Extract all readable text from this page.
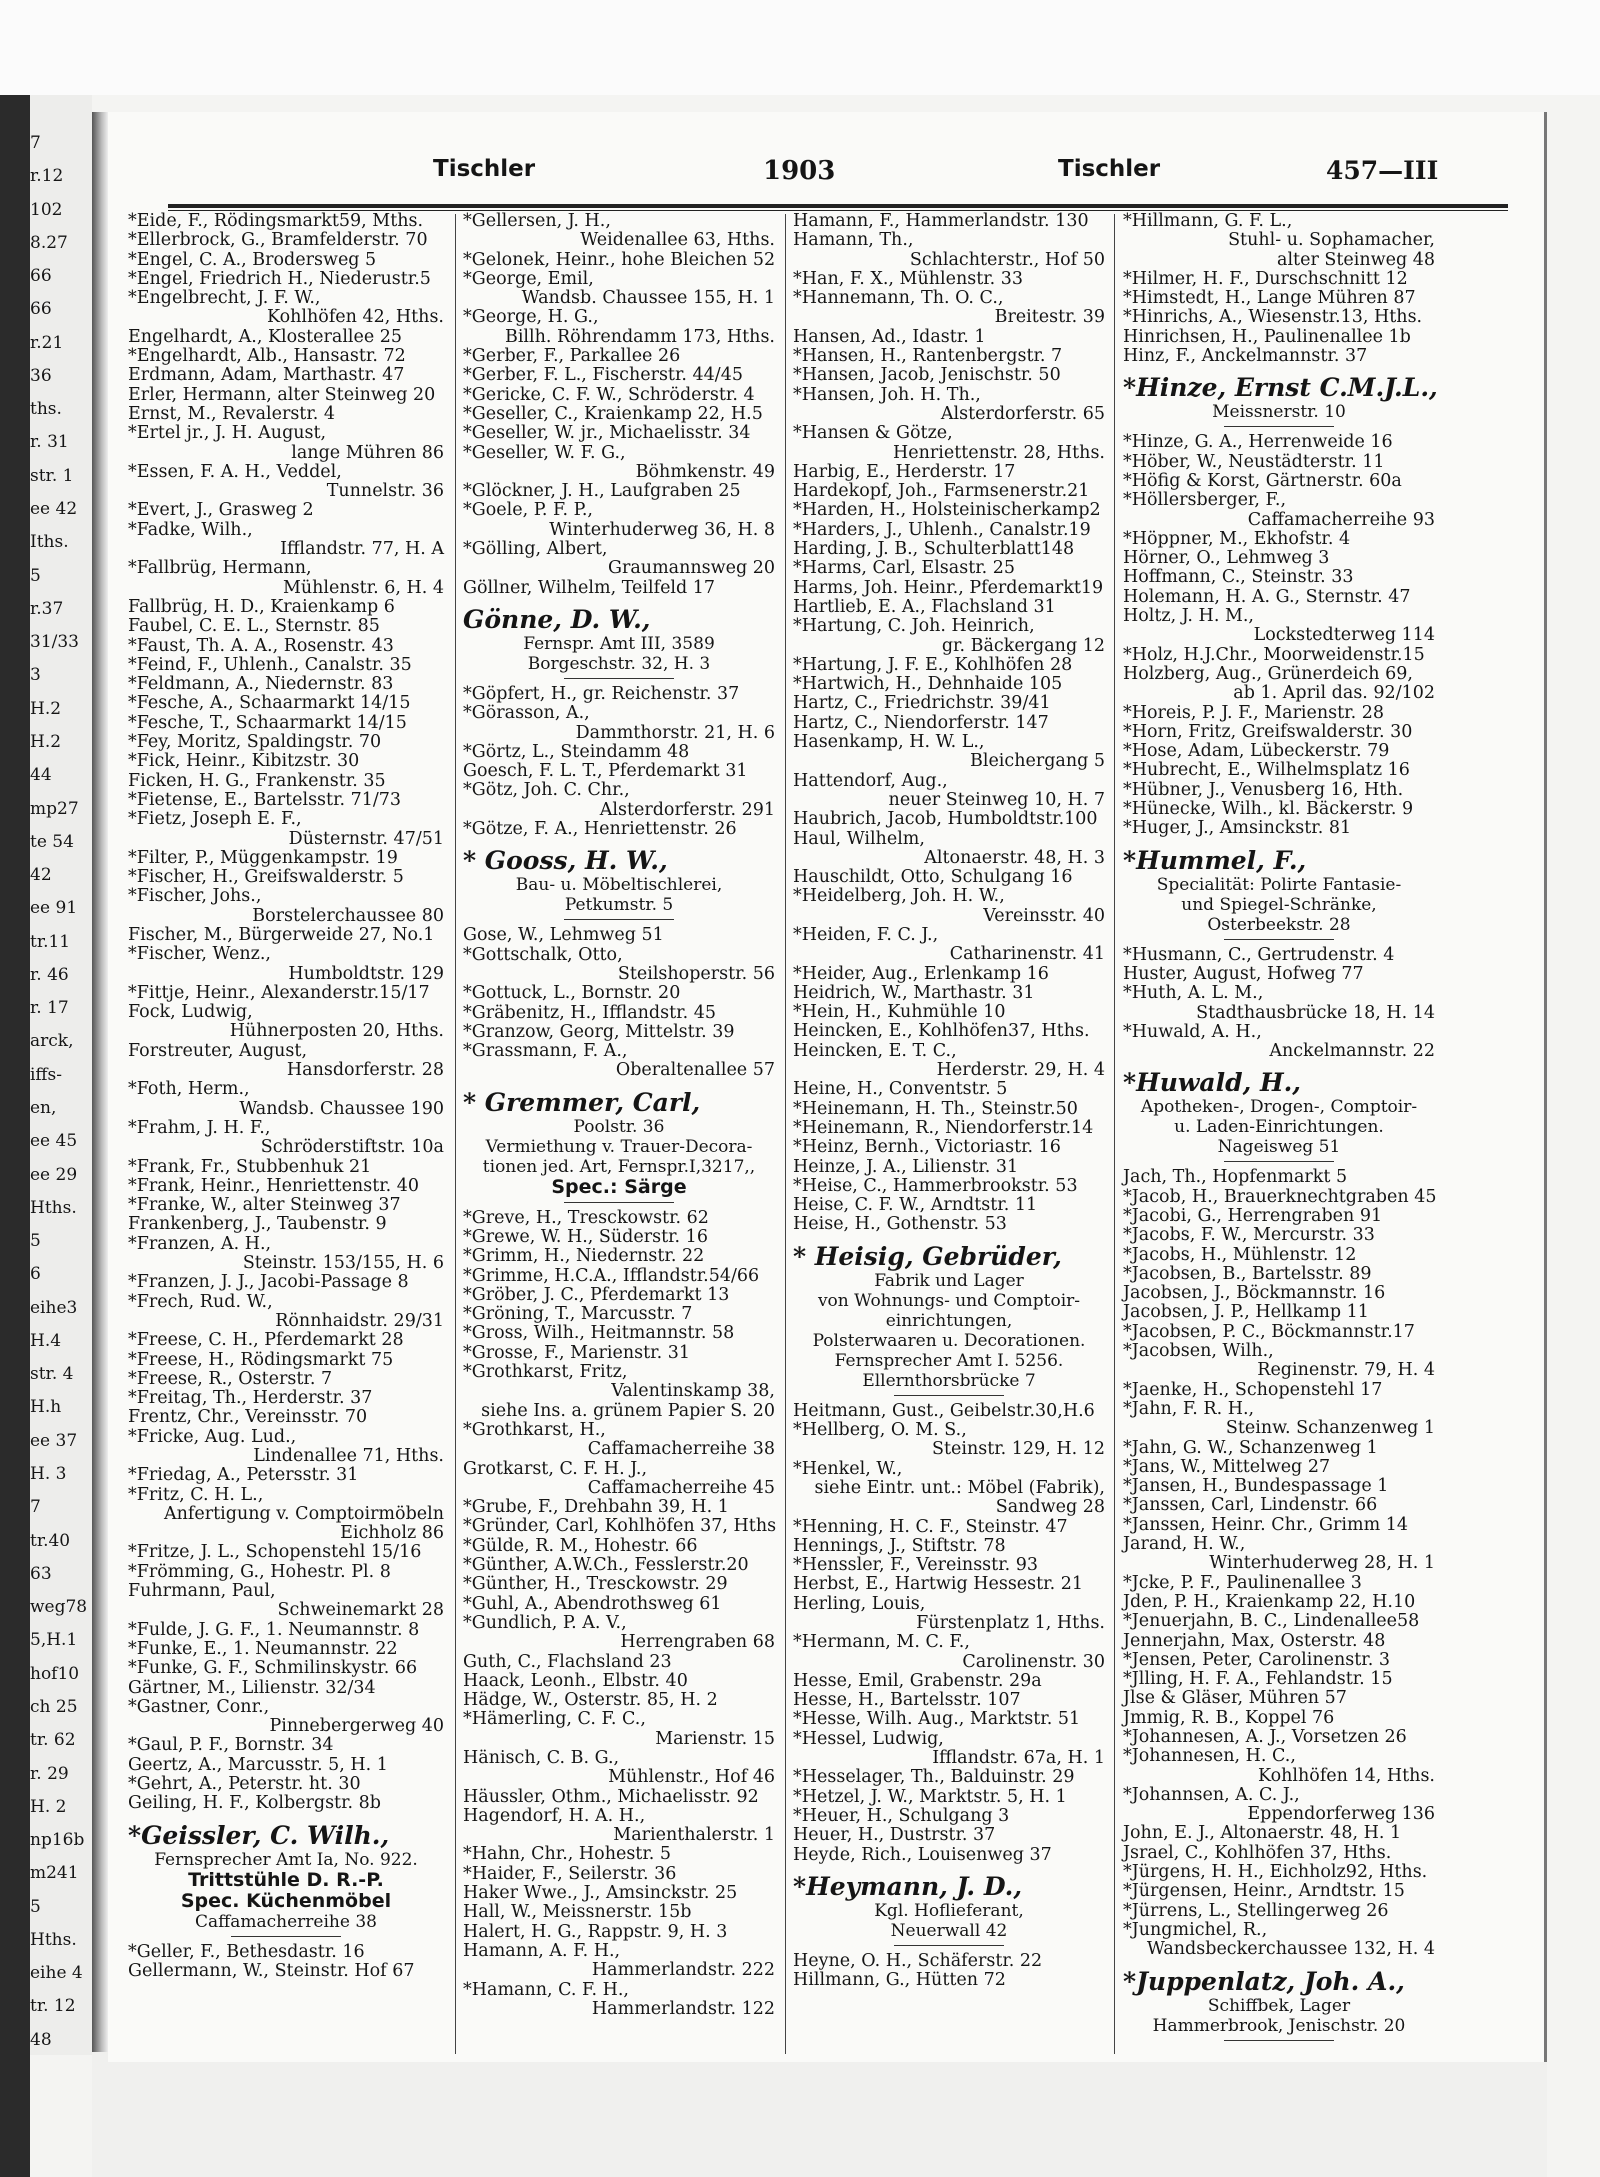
7
r.12
102
8.27
66
66
r.21
36
ths.
r. 31
str. 1
ee 42
Iths.
5
r.37
31/33
3
H.2
H.2
44
mp27
te 54
42
ee 91
tr.11
r. 46
r. 17
arck,
iffs-
en,
ee 45
ee 29
Hths.
5
6
eihe3
H.4
str. 4
H.h
ee 37
H. 3
7
tr.40
63
weg78
5,H.1
hof10
ch 25
tr. 62
r. 29
H. 2
np16b
m241
5
Hths.
eihe 4
tr. 12
48
Tischler	1903	Tischler	457—III
*Eide, F., Rödingsmarkt59, Mths.
*Ellerbrock, G., Bramfelderstr. 70
*Engel, C. A., Brodersweg 5
*Engel, Friedrich H., Niederustr.5
*Engelbrecht, J. F. W.,
Kohlhöfen 42, Hths.
Engelhardt, A., Klosterallee 25
*Engelhardt, Alb., Hansastr. 72
Erdmann, Adam, Marthastr. 47
Erler, Hermann, alter Steinweg 20
Ernst, M., Revalerstr. 4
*Ertel jr., J. H. August,
lange Mühren 86
*Essen, F. A. H., Veddel,
Tunnelstr. 36
*Evert, J., Grasweg 2
*Fadke, Wilh.,
Ifflandstr. 77, H. A
*Fallbrüg, Hermann,
Mühlenstr. 6, H. 4
Fallbrüg, H. D., Kraienkamp 6
Faubel, C. E. L., Sternstr. 85
*Faust, Th. A. A., Rosenstr. 43
*Feind, F., Uhlenh., Canalstr. 35
*Feldmann, A., Niedernstr. 83
*Fesche, A., Schaarmarkt 14/15
*Fesche, T., Schaarmarkt 14/15
*Fey, Moritz, Spaldingstr. 70
*Fick, Heinr., Kibitzstr. 30
Ficken, H. G., Frankenstr. 35
*Fietense, E., Bartelsstr. 71/73
*Fietz, Joseph E. F.,
Düsternstr. 47/51
*Filter, P., Müggenkampstr. 19
*Fischer, H., Greifswalderstr. 5
*Fischer, Johs.,
Borstelerchaussee 80
Fischer, M., Bürgerweide 27, No.1
*Fischer, Wenz.,
Humboldtstr. 129
*Fittje, Heinr., Alexanderstr.15/17
Fock, Ludwig,
Hühnerposten 20, Hths.
Forstreuter, August,
Hansdorferstr. 28
*Foth, Herm.,
Wandsb. Chaussee 190
*Frahm, J. H. F.,
Schröderstiftstr. 10a
*Frank, Fr., Stubbenhuk 21
*Frank, Heinr., Henriettenstr. 40
*Franke, W., alter Steinweg 37
Frankenberg, J., Taubenstr. 9
*Franzen, A. H.,
Steinstr. 153/155, H. 6
*Franzen, J. J., Jacobi-Passage 8
*Frech, Rud. W.,
Rönnhaidstr. 29/31
*Freese, C. H., Pferdemarkt 28
*Freese, H., Rödingsmarkt 75
*Freese, R., Osterstr. 7
*Freitag, Th., Herderstr. 37
Frentz, Chr., Vereinsstr. 70
*Fricke, Aug. Lud.,
Lindenallee 71, Hths.
*Friedag, A., Petersstr. 31
*Fritz, C. H. L.,
Anfertigung v. Comptoirmöbeln
Eichholz 86
*Fritze, J. L., Schopenstehl 15/16
*Frömming, G., Hohestr. Pl. 8
Fuhrmann, Paul,
Schweinemarkt 28
*Fulde, J. G. F., 1. Neumannstr. 8
*Funke, E., 1. Neumannstr. 22
*Funke, G. F., Schmilinskystr. 66
Gärtner, M., Lilienstr. 32/34
*Gastner, Conr.,
Pinnebergerweg 40
*Gaul, P. F., Bornstr. 34
Geertz, A., Marcusstr. 5, H. 1
*Gehrt, A., Peterstr. ht. 30
Geiling, H. F., Kolbergstr. 8b
*Geissler, C. Wilh.,
Fernsprecher Amt Ia, No. 922.
Trittstühle D. R.-P.
Spec. Küchenmöbel
Caffamacherreihe 38
*Geller, F., Bethesdastr. 16
Gellermann, W., Steinstr. Hof 67
*Gellersen, J. H.,
Weidenallee 63, Hths.
*Gelonek, Heinr., hohe Bleichen 52
*George, Emil,
Wandsb. Chaussee 155, H. 1
*George, H. G.,
Billh. Röhrendamm 173, Hths.
*Gerber, F., Parkallee 26
*Gerber, F. L., Fischerstr. 44/45
*Gericke, C. F. W., Schröderstr. 4
*Geseller, C., Kraienkamp 22, H.5
*Geseller, W. jr., Michaelisstr. 34
*Geseller, W. F. G.,
Böhmkenstr. 49
*Glöckner, J. H., Laufgraben 25
*Goele, P. F. P.,
Winterhuderweg 36, H. 8
*Gölling, Albert,
Graumannsweg 20
Göllner, Wilhelm, Teilfeld 17
Gönne, D. W.,
Fernspr. Amt III, 3589
Borgeschstr. 32, H. 3
*Göpfert, H., gr. Reichenstr. 37
*Görasson, A.,
Dammthorstr. 21, H. 6
*Görtz, L., Steindamm 48
Goesch, F. L. T., Pferdemarkt 31
*Götz, Joh. C. Chr.,
Alsterdorferstr. 291
*Götze, F. A., Henriettenstr. 26
* Gooss, H. W.,
Bau- u. Möbeltischlerei,
Petkumstr. 5
Gose, W., Lehmweg 51
*Gottschalk, Otto,
Steilshoperstr. 56
*Gottuck, L., Bornstr. 20
*Gräbenitz, H., Ifflandstr. 45
*Granzow, Georg, Mittelstr. 39
*Grassmann, F. A.,
Oberaltenallee 57
* Gremmer, Carl,
Poolstr. 36
Vermiethung v. Trauer-Decora-
tionen jed. Art, Fernspr.I,3217,,
Spec.: Särge
*Greve, H., Tresckowstr. 62
*Grewe, W. H., Süderstr. 16
*Grimm, H., Niedernstr. 22
*Grimme, H.C.A., Ifflandstr.54/66
*Gröber, J. C., Pferdemarkt 13
*Gröning, T., Marcusstr. 7
*Gross, Wilh., Heitmannstr. 58
*Grosse, F., Marienstr. 31
*Grothkarst, Fritz,
Valentinskamp 38,
siehe Ins. a. grünem Papier S. 20
*Grothkarst, H.,
Caffamacherreihe 38
Grotkarst, C. F. H. J.,
Caffamacherreihe 45
*Grube, F., Drehbahn 39, H. 1
*Gründer, Carl, Kohlhöfen 37, Hths
*Gülde, R. M., Hohestr. 66
*Günther, A.W.Ch., Fesslerstr.20
*Günther, H., Tresckowstr. 29
*Guhl, A., Abendrothsweg 61
*Gundlich, P. A. V.,
Herrengraben 68
Guth, C., Flachsland 23
Haack, Leonh., Elbstr. 40
Hädge, W., Osterstr. 85, H. 2
*Hämerling, C. F. C.,
Marienstr. 15
Hänisch, C. B. G.,
Mühlenstr., Hof 46
Häussler, Othm., Michaelisstr. 92
Hagendorf, H. A. H.,
Marienthalerstr. 1
*Hahn, Chr., Hohestr. 5
*Haider, F., Seilerstr. 36
Haker Wwe., J., Amsinckstr. 25
Hall, W., Meissnerstr. 15b
Halert, H. G., Rappstr. 9, H. 3
Hamann, A. F. H.,
Hammerlandstr. 222
*Hamann, C. F. H.,
Hammerlandstr. 122
Hamann, F., Hammerlandstr. 130
Hamann, Th.,
Schlachterstr., Hof 50
*Han, F. X., Mühlenstr. 33
*Hannemann, Th. O. C.,
Breitestr. 39
Hansen, Ad., Idastr. 1
*Hansen, H., Rantenbergstr. 7
*Hansen, Jacob, Jenischstr. 50
*Hansen, Joh. H. Th.,
Alsterdorferstr. 65
*Hansen & Götze,
Henriettenstr. 28, Hths.
Harbig, E., Herderstr. 17
Hardekopf, Joh., Farmsenerstr.21
*Harden, H., Holsteinischerkamp2
*Harders, J., Uhlenh., Canalstr.19
Harding, J. B., Schulterblatt148
*Harms, Carl, Elsastr. 25
Harms, Joh. Heinr., Pferdemarkt19
Hartlieb, E. A., Flachsland 31
*Hartung, C. Joh. Heinrich,
gr. Bäckergang 12
*Hartung, J. F. E., Kohlhöfen 28
*Hartwich, H., Dehnhaide 105
Hartz, C., Friedrichstr. 39/41
Hartz, C., Niendorferstr. 147
Hasenkamp, H. W. L.,
Bleichergang 5
Hattendorf, Aug.,
neuer Steinweg 10, H. 7
Haubrich, Jacob, Humboldtstr.100
Haul, Wilhelm,
Altonaerstr. 48, H. 3
Hauschildt, Otto, Schulgang 16
*Heidelberg, Joh. H. W.,
Vereinsstr. 40
*Heiden, F. C. J.,
Catharinenstr. 41
*Heider, Aug., Erlenkamp 16
Heidrich, W., Marthastr. 31
*Hein, H., Kuhmühle 10
Heincken, E., Kohlhöfen37, Hths.
Heincken, E. T. C.,
Herderstr. 29, H. 4
Heine, H., Conventstr. 5
*Heinemann, H. Th., Steinstr.50
*Heinemann, R., Niendorferstr.14
*Heinz, Bernh., Victoriastr. 16
Heinze, J. A., Lilienstr. 31
*Heise, C., Hammerbrookstr. 53
Heise, C. F. W., Arndtstr. 11
Heise, H., Gothenstr. 53
* Heisig, Gebrüder,
Fabrik und Lager
von Wohnungs- und Comptoir-
einrichtungen,
Polsterwaaren u. Decorationen.
Fernsprecher Amt I. 5256.
Ellernthorsbrücke 7
Heitmann, Gust., Geibelstr.30,H.6
*Hellberg, O. M. S.,
Steinstr. 129, H. 12
*Henkel, W.,
siehe Eintr. unt.: Möbel (Fabrik),
Sandweg 28
*Henning, H. C. F., Steinstr. 47
Hennings, J., Stiftstr. 78
*Henssler, F., Vereinsstr. 93
Herbst, E., Hartwig Hessestr. 21
Herling, Louis,
Fürstenplatz 1, Hths.
*Hermann, M. C. F.,
Carolinenstr. 30
Hesse, Emil, Grabenstr. 29a
Hesse, H., Bartelsstr. 107
*Hesse, Wilh. Aug., Marktstr. 51
*Hessel, Ludwig,
Ifflandstr. 67a, H. 1
*Hesselager, Th., Balduinstr. 29
*Hetzel, J. W., Marktstr. 5, H. 1
*Heuer, H., Schulgang 3
Heuer, H., Dustrstr. 37
Heyde, Rich., Louisenweg 37
*Heymann, J. D.,
Kgl. Hoflieferant,
Neuerwall 42
Heyne, O. H., Schäferstr. 22
Hillmann, G., Hütten 72
*Hillmann, G. F. L.,
Stuhl- u. Sophamacher,
alter Steinweg 48
*Hilmer, H. F., Durschschnitt 12
*Himstedt, H., Lange Mühren 87
*Hinrichs, A., Wiesenstr.13, Hths.
Hinrichsen, H., Paulinenallee 1b
Hinz, F., Anckelmannstr. 37
*Hinze, Ernst C.M.J.L.,
Meissnerstr. 10
*Hinze, G. A., Herrenweide 16
*Höber, W., Neustädterstr. 11
*Höfig & Korst, Gärtnerstr. 60a
*Höllersberger, F.,
Caffamacherreihe 93
*Höppner, M., Ekhofstr. 4
Hörner, O., Lehmweg 3
Hoffmann, C., Steinstr. 33
Holemann, H. A. G., Sternstr. 47
Holtz, J. H. M.,
Lockstedterweg 114
*Holz, H.J.Chr., Moorweidenstr.15
Holzberg, Aug., Grünerdeich 69,
ab 1. April das. 92/102
*Horeis, P. J. F., Marienstr. 28
*Horn, Fritz, Greifswalderstr. 30
*Hose, Adam, Lübeckerstr. 79
*Hubrecht, E., Wilhelmsplatz 16
*Hübner, J., Venusberg 16, Hth.
*Hünecke, Wilh., kl. Bäckerstr. 9
*Huger, J., Amsinckstr. 81
*Hummel, F.,
Specialität: Polirte Fantasie-
und Spiegel-Schränke,
Osterbeekstr. 28
*Husmann, C., Gertrudenstr. 4
Huster, August, Hofweg 77
*Huth, A. L. M.,
Stadthausbrücke 18, H. 14
*Huwald, A. H.,
Anckelmannstr. 22
*Huwald, H.,
Apotheken-, Drogen-, Comptoir-
u. Laden-Einrichtungen.
Nageisweg 51
Jach, Th., Hopfenmarkt 5
*Jacob, H., Brauerknechtgraben 45
*Jacobi, G., Herrengraben 91
*Jacobs, F. W., Mercurstr. 33
*Jacobs, H., Mühlenstr. 12
*Jacobsen, B., Bartelsstr. 89
Jacobsen, J., Böckmannstr. 16
Jacobsen, J. P., Hellkamp 11
*Jacobsen, P. C., Böckmannstr.17
*Jacobsen, Wilh.,
Reginenstr. 79, H. 4
*Jaenke, H., Schopenstehl 17
*Jahn, F. R. H.,
Steinw. Schanzenweg 1
*Jahn, G. W., Schanzenweg 1
*Jans, W., Mittelweg 27
*Jansen, H., Bundespassage 1
*Janssen, Carl, Lindenstr. 66
*Janssen, Heinr. Chr., Grimm 14
Jarand, H. W.,
Winterhuderweg 28, H. 1
*Jcke, P. F., Paulinenallee 3
Jden, P. H., Kraienkamp 22, H.10
*Jenuerjahn, B. C., Lindenallee58
Jennerjahn, Max, Osterstr. 48
*Jensen, Peter, Carolinenstr. 3
*Jlling, H. F. A., Fehlandstr. 15
Jlse & Gläser, Mühren 57
Jmmig, R. B., Koppel 76
*Johannesen, A. J., Vorsetzen 26
*Johannesen, H. C.,
Kohlhöfen 14, Hths.
*Johannsen, A. C. J.,
Eppendorferweg 136
John, E. J., Altonaerstr. 48, H. 1
Jsrael, C., Kohlhöfen 37, Hths.
*Jürgens, H. H., Eichholz92, Hths.
*Jürgensen, Heinr., Arndtstr. 15
*Jürrens, L., Stellingerweg 26
*Jungmichel, R.,
Wandsbeckerchaussee 132, H. 4
*Juppenlatz, Joh. A.,
Schiffbek, Lager
Hammerbrook, Jenischstr. 20
